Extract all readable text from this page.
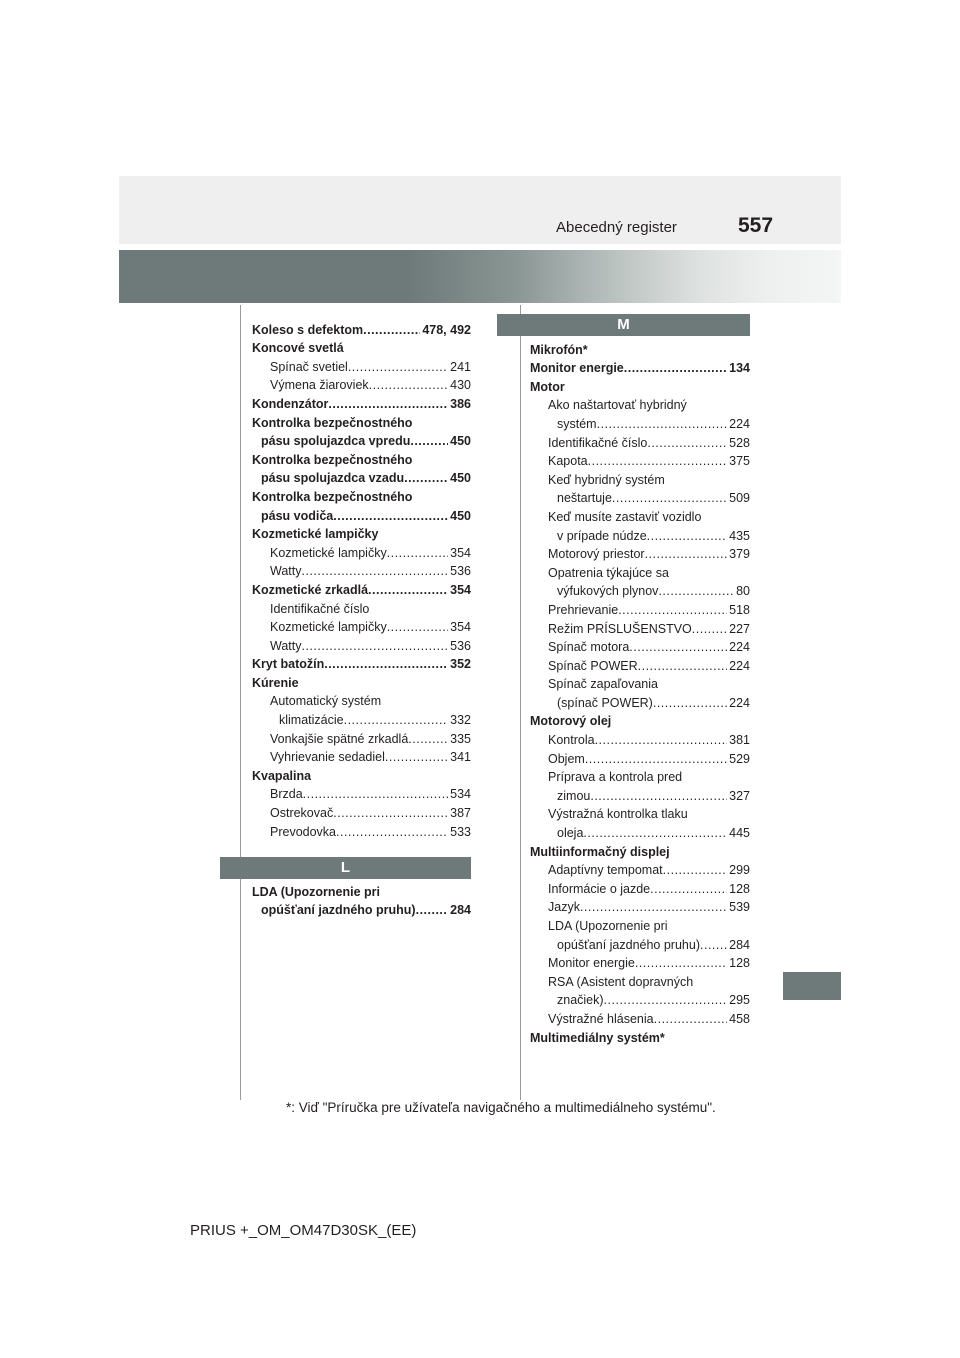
Abecedný register	557
Koleso s defektom .....	478, 492
Koncové svetlá
Spínač svetiel .....	241
Výmena žiaroviek .....	430
Kondenzátor .....	386
Kontrolka bezpečnostného
pásu spolujazdca vpredu .....	450
Kontrolka bezpečnostného
pásu spolujazdca vzadu .....	450
Kontrolka bezpečnostného
pásu vodiča .....	450
Kozmetické lampičky
Kozmetické lampičky .....	354
Watty .....	536
Kozmetické zrkadlá .....	354
Identifikačné číslo
Kozmetické lampičky .....	354
Watty .....	536
Kryt batožín .....	352
Kúrenie
Automatický systém
klimatizácie .....	332
Vonkajšie spätné zrkadlá .....	335
Vyhrievanie sedadiel .....	341
Kvapalina
Brzda .....	534
Ostrekovač .....	387
Prevodovka .....	533
L
LDA (Upozornenie pri
opúšťaní jazdného pruhu) .....	284
M
Mikrofón*
Monitor energie .....	134
Motor
Ako naštartovať hybridný
systém .....	224
Identifikačné číslo .....	528
Kapota .....	375
Keď hybridný systém
neštartuje .....	509
Keď musíte zastaviť vozidlo
v prípade núdze .....	435
Motorový priestor .....	379
Opatrenia týkajúce sa
výfukových plynov .....	80
Prehrievanie .....	518
Režim PRÍSLUŠENSTVO .....	227
Spínač motora .....	224
Spínač POWER .....	224
Spínač zapaľovania
(spínač POWER) .....	224
Motorový olej
Kontrola .....	381
Objem .....	529
Príprava a kontrola pred
zimou .....	327
Výstražná kontrolka tlaku
oleja .....	445
Multiinformačný displej
Adaptívny tempomat .....	299
Informácie o jazde .....	128
Jazyk .....	539
LDA (Upozornenie pri
opúšťaní jazdného pruhu) ..... 284
Monitor energie .....	128
RSA (Asistent dopravných
značiek) .....	295
Výstražné hlásenia .....	458
Multimediálny systém*
*: Viď "Príručka pre užívateľa navigačného a multimediálneho systému".
PRIUS +_OM_OM47D30SK_(EE)
